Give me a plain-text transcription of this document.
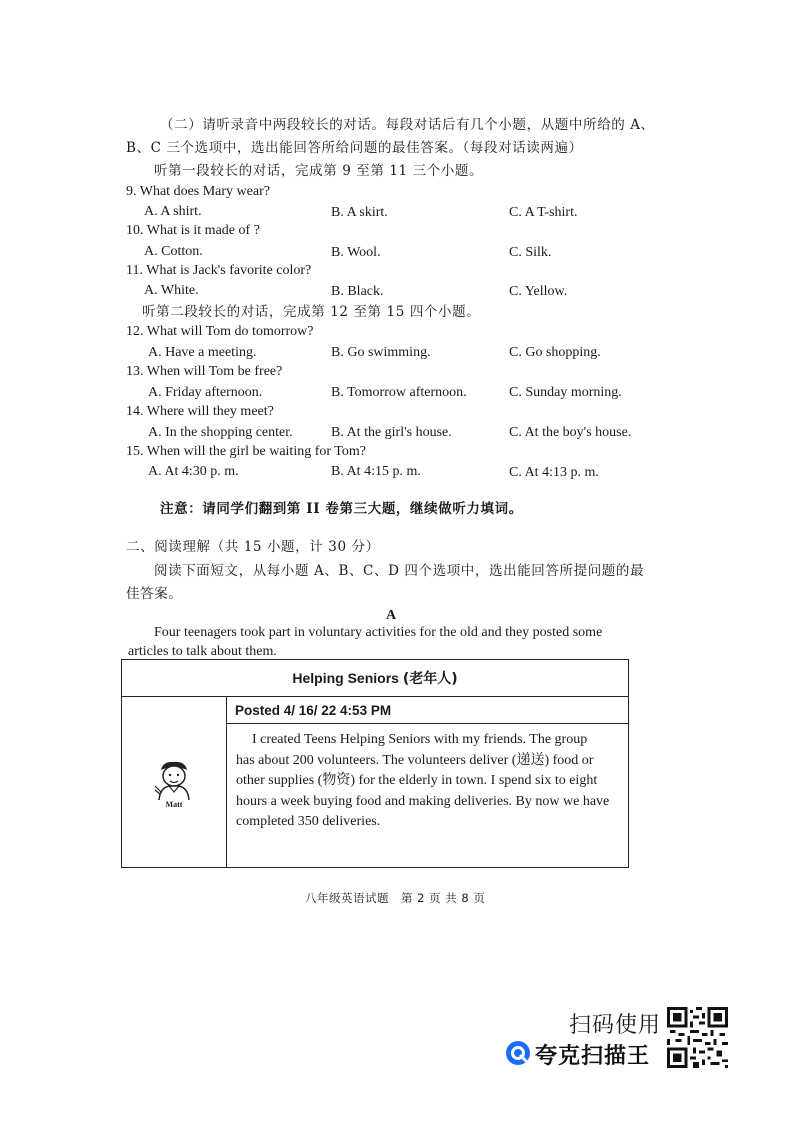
（二）请听录音中两段较长的对话。每段对话后有几个小题，从题中所给的 A、
B、C 三个选项中，选出能回答所给问题的最佳答案。（每段对话读两遍）
听第一段较长的对话，完成第 9 至第 11 三个小题。
9. What does Mary wear?
A. A shirt.	B. A skirt.	C. A T-shirt.
10. What is it made of ?
A. Cotton.	B. Wool.	C. Silk.
11. What is Jack's favorite color?
A. White.	B. Black.	C. Yellow.
听第二段较长的对话，完成第 12 至第 15 四个小题。
12. What will Tom do tomorrow?
A. Have a meeting.	B. Go swimming.	C. Go shopping.
13. When will Tom be free?
A. Friday afternoon.	B. Tomorrow afternoon.	C. Sunday morning.
14. Where will they meet?
A. In the shopping center.	B. At the girl's house.	C. At the boy's house.
15. When will the girl be waiting for Tom?
A. At 4:30 p. m.	B. At 4:15 p. m.	C. At 4:13 p. m.
注意：请同学们翻到第 II 卷第三大题，继续做听力填词。
二、阅读理解（共 15 小题，计 30 分）
阅读下面短文，从每小题 A、B、C、D 四个选项中，选出能回答所提问题的最
佳答案。
A
Four teenagers took part in voluntary activities for the old and they posted some
articles to talk about them.
Helping Seniors (老年人)

Matt
	Posted 4/ 16/ 22 4:53 PM

I created Teens Helping Seniors with my friends. The group
has about 200 volunteers. The volunteers deliver (递送) food or
other supplies (物资) for the elderly in town. I spend six to eight
hours a week buying food and making deliveries. By now we have
completed 350 deliveries.
八年级英语试题　第 2 页 共 8 页
扫码使用
夸克扫描王
